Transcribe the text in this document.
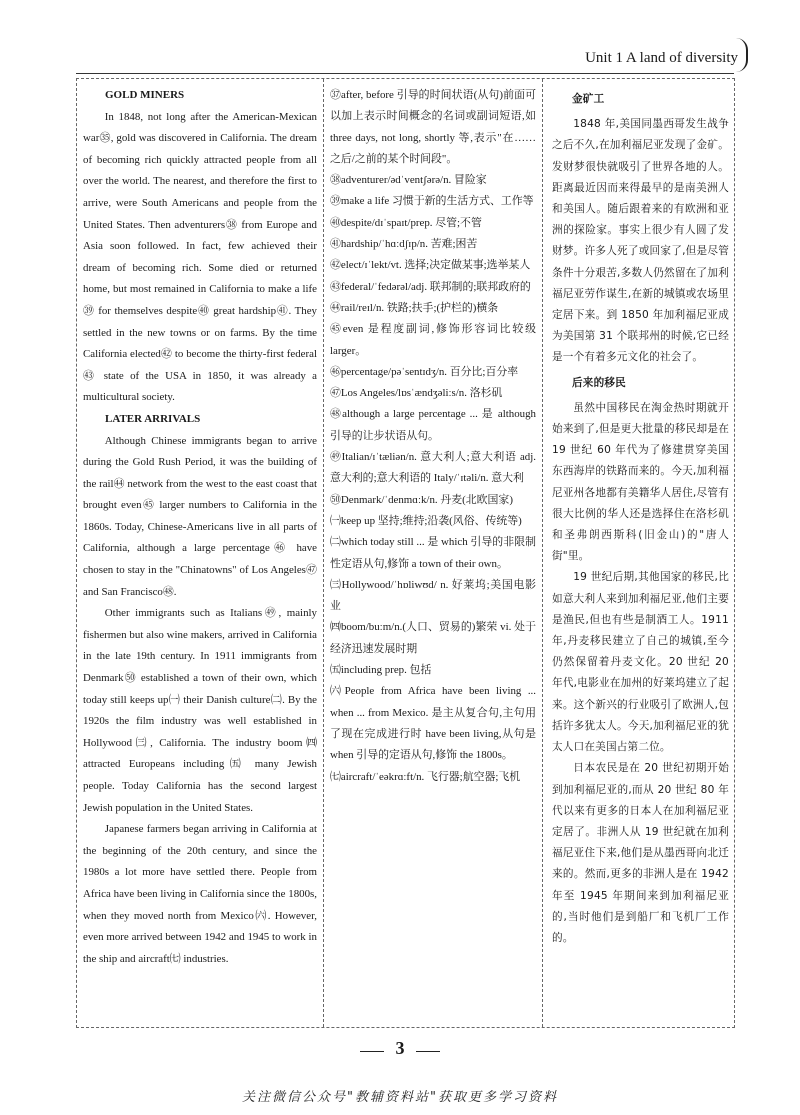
Unit 1 A land of diversity
GOLD MINERS

In 1848, not long after the American-Mexican war㉟, gold was discovered in California. The dream of becoming rich quickly attracted people from all over the world. The nearest, and therefore the first to arrive, were South Americans and people from the United States. Then adventurers㊳ from Europe and Asia soon followed. In fact, few achieved their dream of becoming rich. Some died or returned home, but most remained in California to make a life㊴ for themselves despite㊵ great hardship㊶. They settled in the new towns or on farms. By the time California elected㊷ to become the thirty-first federal㊸ state of the USA in 1850, it was already a multicultural society.

LATER ARRIVALS

Although Chinese immigrants began to arrive during the Gold Rush Period, it was the building of the rail㊹ network from the west to the east coast that brought even㊺ larger numbers to California in the 1860s. Today, Chinese-Americans live in all parts of California, although a large percentage㊻ have chosen to stay in the "Chinatowns" of Los Angeles㊼ and San Francisco㊽.

Other immigrants such as Italians㊾, mainly fishermen but also wine makers, arrived in California in the late 19th century. In 1911 immigrants from Denmark㊿ established a town of their own, which today still keeps up㈠ their Danish culture㈡. By the 1920s the film industry was well established in Hollywood㈢, California. The industry boom㈣ attracted Europeans including㈤ many Jewish people. Today California has the second largest Jewish population in the United States.

Japanese farmers began arriving in California at the beginning of the 20th century, and since the 1980s a lot more have settled there. People from Africa have been living in California since the 1800s, when they moved north from Mexico㈥. However, even more arrived between 1942 and 1945 to work in the ship and aircraft㈦ industries.

㊲after, before 引导的时间状语(从句)前面可以加上表示时间概念的名词或副词短语,如 three days, not long, shortly 等,表示"在……之后/之前的某个时间段"。

㊳adventurer/ədˈventʃərə/n. 冒险家

㊴make a life 习惯于新的生活方式、工作等

㊵despite/dɪˈspaɪt/prep. 尽管;不管

㊶hardship/ˈhɑːdʃɪp/n. 苦难;困苦

㊷elect/ɪˈlekt/vt. 选择;决定做某事;选举某人

㊸federal/ˈfedərəl/adj. 联邦制的;联邦政府的

㊹rail/reɪl/n. 铁路;扶手;(护栏的)横条

㊺even 是程度副词,修饰形容词比较级 larger。

㊻percentage/pəˈsentɪdʒ/n. 百分比;百分率

㊼Los Angeles/lɒsˈændʒəliːs/n. 洛杉矶

㊽although a large percentage ... 是 although 引导的让步状语从句。

㊾Italian/ɪˈtæliən/n. 意大利人;意大利语 adj. 意大利的;意大利语的 Italy/ˈɪtəli/n. 意大利

㊿Denmark/ˈdenmɑːk/n. 丹麦(北欧国家)

㈠keep up 坚持;维持;沿袭(风俗、传统等)

㈡which today still ... 是 which 引导的非限制性定语从句,修饰 a town of their own。

㈢Hollywood/ˈhɒliwʊd/ n. 好莱坞;美国电影业

㈣boom/buːm/n.(人口、贸易的)繁荣 vi. 处于经济迅速发展时期

㈤including prep. 包括

㈥People from Africa have been living ... when ... from Mexico. 是主从复合句,主句用了现在完成进行时 have been living,从句是 when 引导的定语从句,修饰 the 1800s。

㈦aircraft/ˈeəkrɑːft/n. 飞行器;航空器;飞机

金矿工

1848 年,美国同墨西哥发生战争之后不久,在加利福尼亚发现了金矿。发财梦很快就吸引了世界各地的人。距离最近因而来得最早的是南美洲人和美国人。随后跟着来的有欧洲和亚洲的探险家。事实上很少有人圆了发财梦。许多人死了或回家了,但是尽管条件十分艰苦,多数人仍然留在了加利福尼亚劳作谋生,在新的城镇或农场里定居下来。到 1850 年加利福尼亚成为美国第 31 个联邦州的时候,它已经是一个有着多元文化的社会了。

后来的移民

虽然中国移民在淘金热时期就开始来到了,但是更大批量的移民却是在 19 世纪 60 年代为了修建贯穿美国东西海岸的铁路而来的。今天,加利福尼亚州各地都有美籍华人居住,尽管有很大比例的华人还是选择住在洛杉矶和圣弗朗西斯科(旧金山)的"唐人街"里。

19 世纪后期,其他国家的移民,比如意大利人来到加利福尼亚,他们主要是渔民,但也有些是制酒工人。1911 年,丹麦移民建立了自己的城镇,至今仍然保留着丹麦文化。20 世纪 20 年代,电影业在加州的好莱坞建立了起来。这个新兴的行业吸引了欧洲人,包括许多犹太人。今天,加利福尼亚的犹太人口在美国占第二位。

日本农民是在 20 世纪初期开始到加利福尼亚的,而从 20 世纪 80 年代以来有更多的日本人在加利福尼亚定居了。非洲人从 19 世纪就在加利福尼亚住下来,他们是从墨西哥向北迁来的。然而,更多的非洲人是在 1942 年至 1945 年期间来到加利福尼亚的,当时他们是到船厂和飞机厂工作的。

3
关注微信公众号"教辅资料站"获取更多学习资料
